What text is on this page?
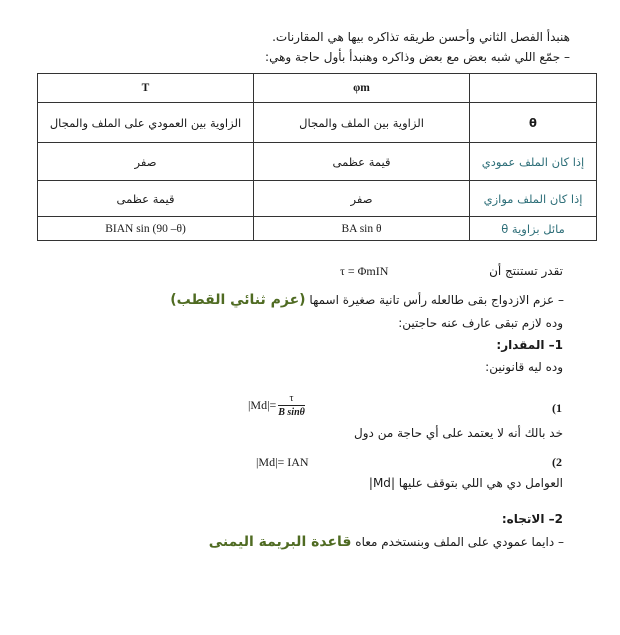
هنبدأ الفصل الثاني وأحسن طريقه تذاكره بيها هي المقارنات.
– جمّع اللي شبه بعض مع بعض وذاكره وهنبدأ بأول حاجة وهي:
	φm	T
θ	الزاوية بين الملف والمجال	الزاوية بين العمودي على الملف والمجال
إذا كان الملف عمودي	قيمة عظمى	صفر
إذا كان الملف موازي	صفر	قيمة عظمى
مائل بزاوية θ	BA sin θ	BIAN sin (90 –θ)
تقدر تستنتج أن
τ = ΦmIN
– عزم الازدواج بقى طالعله رأس تانية صغيرة اسمها (عزم ثنائي القطب)
وده لازم تبقى عارف عنه حاجتين:
1– المقدار:
وده ليه قانونين:
(1
$|Md|= \frac{\tau}{\text{B sinθ}}$
خد بالك أنه لا يعتمد على أي حاجة من دول
(2
|Md|= IAN
العوامل دي هي اللي بتوقف عليها |Md|
2– الاتجاه:
– دايما عمودي على الملف وبنستخدم معاه قاعدة البريمة اليمنى
